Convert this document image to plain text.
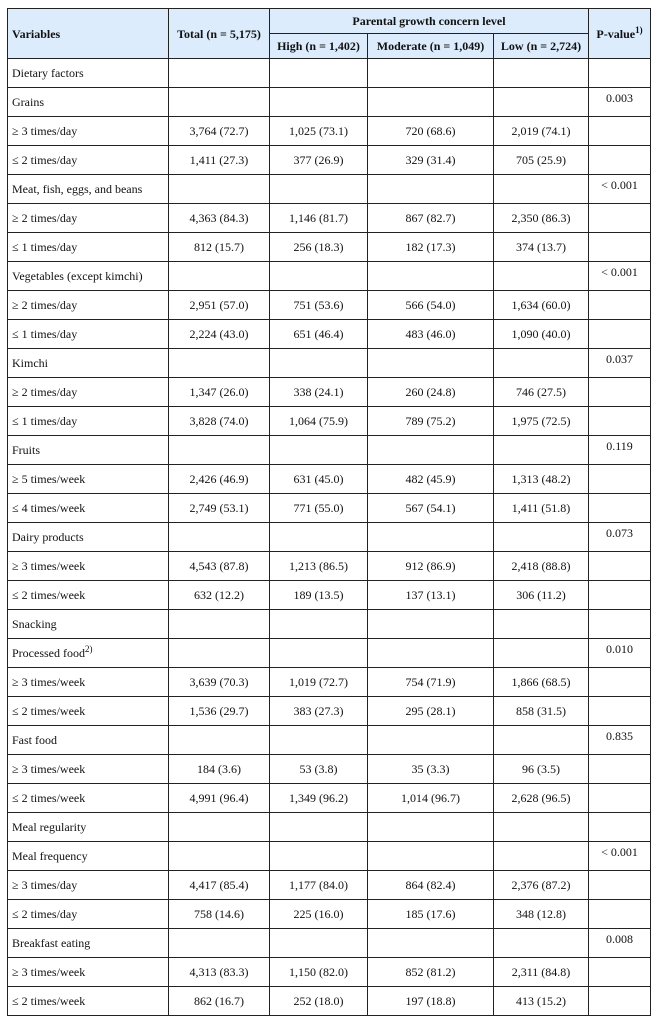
Variables	Total (n = 5,175)	Parental growth concern level			P-value$^{1)}$
		High (n = 1,402)	Moderate (n = 1,049)	Low (n = 2,724)	
Dietary factors					
Grains					0.003
≥ 3 times/day	3,764 (72.7)	1,025 (73.1)	720 (68.6)	2,019 (74.1)	
≤ 2 times/day	1,411 (27.3)	377 (26.9)	329 (31.4)	705 (25.9)	
Meat, fish, eggs, and beans					< 0.001
≥ 2 times/day	4,363 (84.3)	1,146 (81.7)	867 (82.7)	2,350 (86.3)	
≤ 1 times/day	812 (15.7)	256 (18.3)	182 (17.3)	374 (13.7)	
Vegetables (except kimchi)					< 0.001
≥ 2 times/day	2,951 (57.0)	751 (53.6)	566 (54.0)	1,634 (60.0)	
≤ 1 times/day	2,224 (43.0)	651 (46.4)	483 (46.0)	1,090 (40.0)	
Kimchi					0.037
≥ 2 times/day	1,347 (26.0)	338 (24.1)	260 (24.8)	746 (27.5)	
≤ 1 times/day	3,828 (74.0)	1,064 (75.9)	789 (75.2)	1,975 (72.5)	
Fruits					0.119
≥ 5 times/week	2,426 (46.9)	631 (45.0)	482 (45.9)	1,313 (48.2)	
≤ 4 times/week	2,749 (53.1)	771 (55.0)	567 (54.1)	1,411 (51.8)	
Dairy products					0.073
≥ 3 times/week	4,543 (87.8)	1,213 (86.5)	912 (86.9)	2,418 (88.8)	
≤ 2 times/week	632 (12.2)	189 (13.5)	137 (13.1)	306 (11.2)	
Snacking					
Processed food$^{2)}$					0.010
≥ 3 times/week	3,639 (70.3)	1,019 (72.7)	754 (71.9)	1,866 (68.5)	
≤ 2 times/week	1,536 (29.7)	383 (27.3)	295 (28.1)	858 (31.5)	
Fast food					0.835
≥ 3 times/week	184 (3.6)	53 (3.8)	35 (3.3)	96 (3.5)	
≤ 2 times/week	4,991 (96.4)	1,349 (96.2)	1,014 (96.7)	2,628 (96.5)	
Meal regularity					
Meal frequency					< 0.001
≥ 3 times/day	4,417 (85.4)	1,177 (84.0)	864 (82.4)	2,376 (87.2)	
≤ 2 times/day	758 (14.6)	225 (16.0)	185 (17.6)	348 (12.8)	
Breakfast eating					0.008
≥ 3 times/week	4,313 (83.3)	1,150 (82.0)	852 (81.2)	2,311 (84.8)	
≤ 2 times/week	862 (16.7)	252 (18.0)	197 (18.8)	413 (15.2)	
